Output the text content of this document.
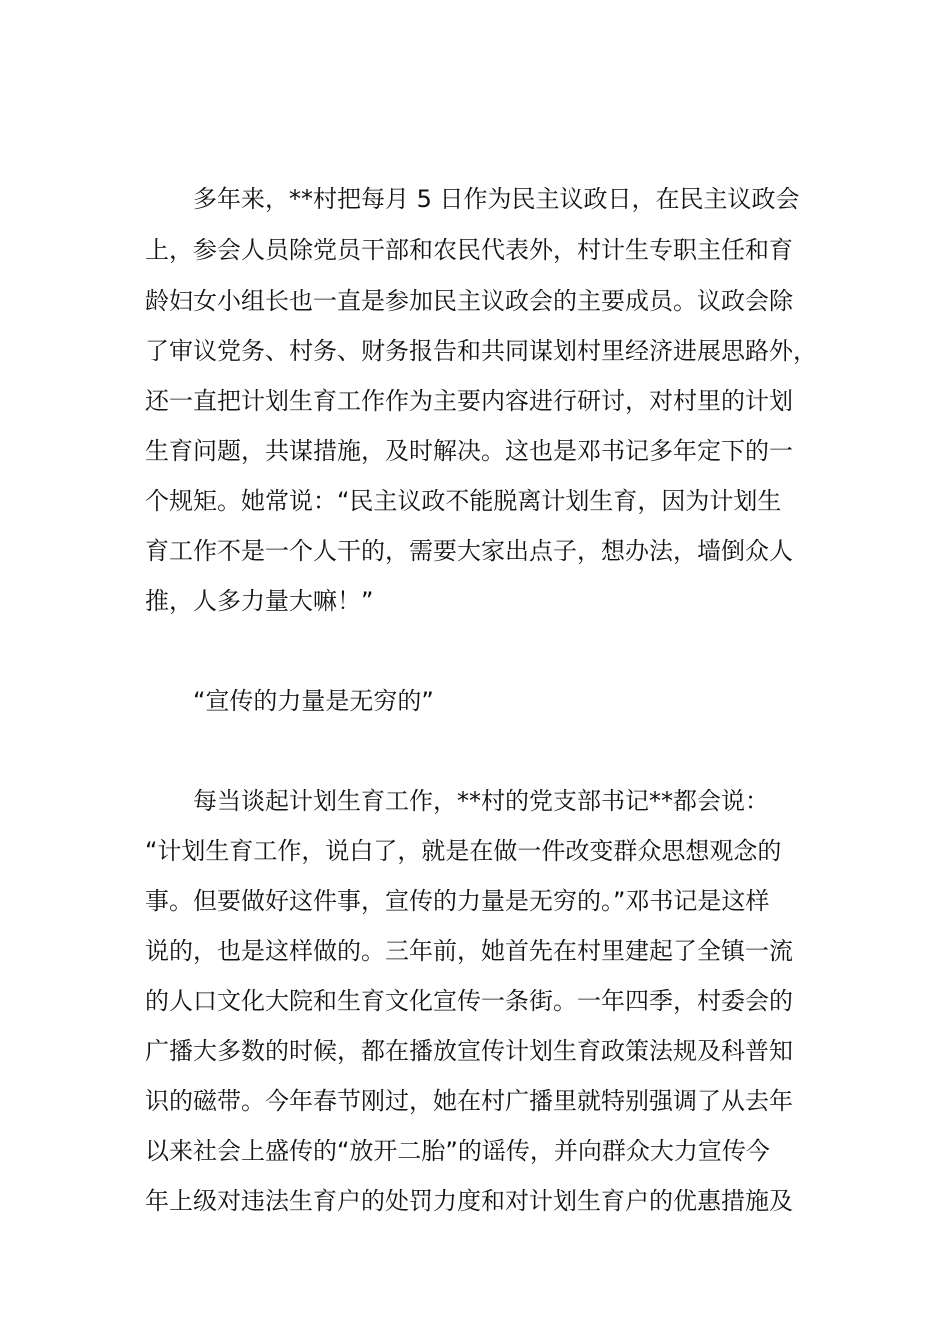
多年来，**村把每月 5 日作为民主议政日，在民主议政会
上，参会人员除党员干部和农民代表外，村计生专职主任和育
龄妇女小组长也一直是参加民主议政会的主要成员。议政会除
了审议党务、村务、财务报告和共同谋划村里经济进展思路外，
还一直把计划生育工作作为主要内容进行研讨，对村里的计划
生育问题，共谋措施，及时解决。这也是邓书记多年定下的一
个规矩。她常说：“民主议政不能脱离计划生育，因为计划生
育工作不是一个人干的，需要大家出点子，想办法，墙倒众人
推，人多力量大嘛！”
“宣传的力量是无穷的”
每当谈起计划生育工作，**村的党支部书记**都会说：
“计划生育工作，说白了，就是在做一件改变群众思想观念的
事。但要做好这件事，宣传的力量是无穷的。”邓书记是这样
说的，也是这样做的。三年前，她首先在村里建起了全镇一流
的人口文化大院和生育文化宣传一条街。一年四季，村委会的
广播大多数的时候，都在播放宣传计划生育政策法规及科普知
识的磁带。今年春节刚过，她在村广播里就特别强调了从去年
以来社会上盛传的“放开二胎”的谣传，并向群众大力宣传今
年上级对违法生育户的处罚力度和对计划生育户的优惠措施及
